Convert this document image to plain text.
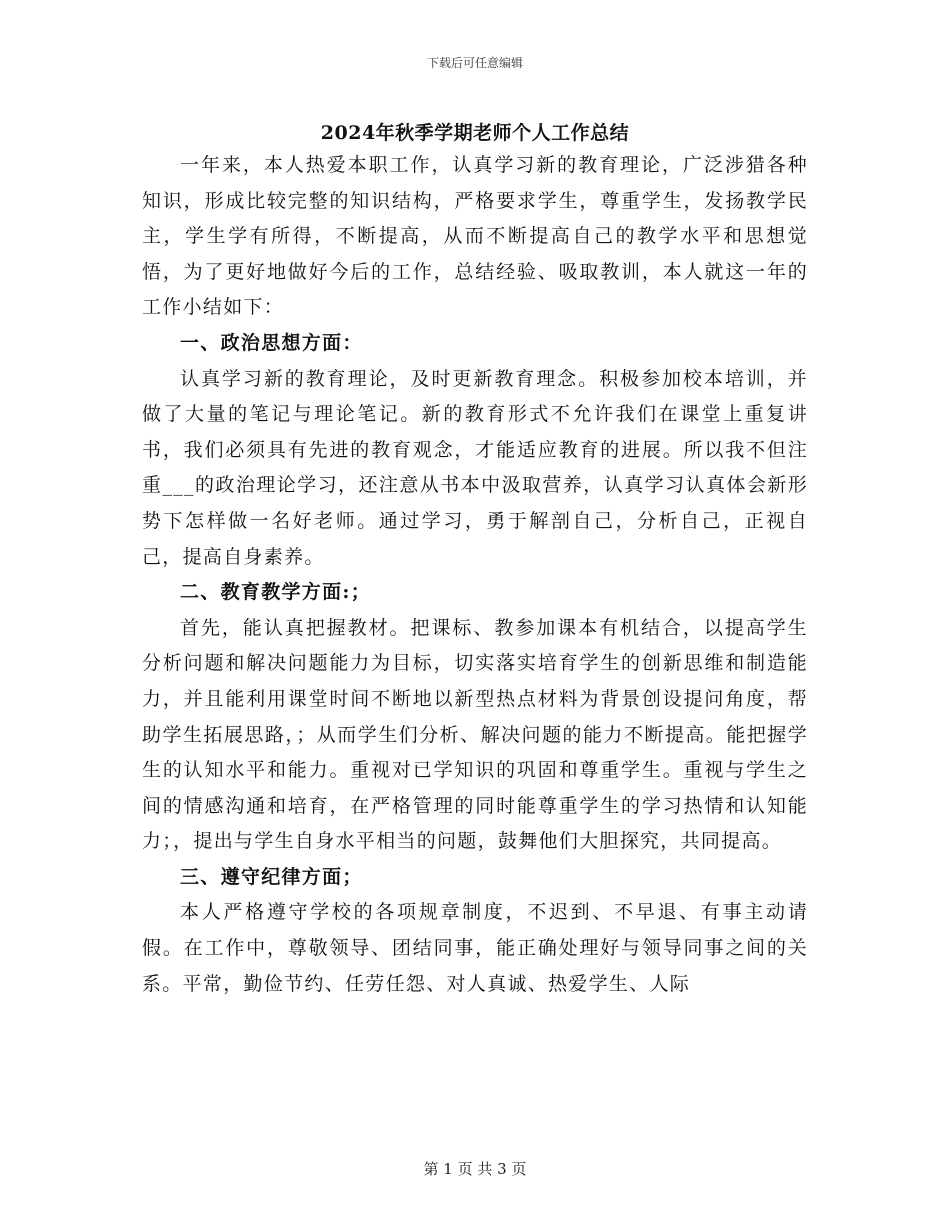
下载后可任意编辑
2024年秋季学期老师个人工作总结

一年来，本人热爱本职工作，认真学习新的教育理论，广泛涉猎各种知识，形成比较完整的知识结构，严格要求学生，尊重学生，发扬教学民主，学生学有所得，不断提高，从而不断提高自己的教学水平和思想觉悟，为了更好地做好今后的工作，总结经验、吸取教训，本人就这一年的工作小结如下：

一、政治思想方面：

认真学习新的教育理论，及时更新教育理念。积极参加校本培训，并做了大量的笔记与理论笔记。新的教育形式不允许我们在课堂上重复讲书，我们必须具有先进的教育观念，才能适应教育的进展。所以我不但注重___的政治理论学习，还注意从书本中汲取营养，认真学习认真体会新形势下怎样做一名好老师。通过学习，勇于解剖自己，分析自己，正视自己，提高自身素养。

二、教育教学方面:；

首先，能认真把握教材。把课标、教参加课本有机结合，以提高学生分析问题和解决问题能力为目标，切实落实培育学生的创新思维和制造能力，并且能利用课堂时间不断地以新型热点材料为背景创设提问角度，帮助学生拓展思路，；从而学生们分析、解决问题的能力不断提高。能把握学生的认知水平和能力。重视对已学知识的巩固和尊重学生。重视与学生之间的情感沟通和培育，在严格管理的同时能尊重学生的学习热情和认知能力；，提出与学生自身水平相当的问题，鼓舞他们大胆探究，共同提高。

三、遵守纪律方面；

本人严格遵守学校的各项规章制度，不迟到、不早退、有事主动请假。在工作中，尊敬领导、团结同事，能正确处理好与领导同事之间的关系。平常，勤俭节约、任劳任怨、对人真诚、热爱学生、人际

第 1 页 共 3 页
